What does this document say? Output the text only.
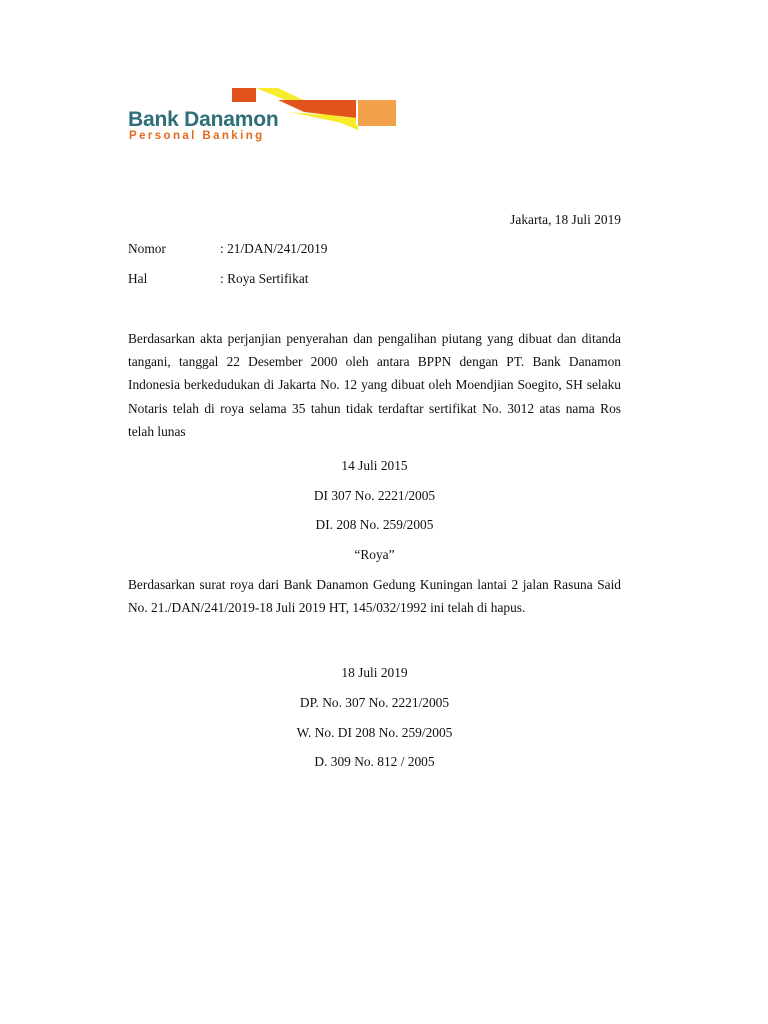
Bank Danamon
Personal Banking
Jakarta, 18 Juli 2019
Nomor	: 21/DAN/241/2019
Hal	: Roya Sertifikat
Berdasarkan akta perjanjian penyerahan dan pengalihan piutang yang dibuat dan ditanda tangani, tanggal 22 Desember 2000 oleh antara BPPN dengan PT. Bank Danamon Indonesia berkedudukan di Jakarta No. 12 yang dibuat oleh Moendjian Soegito, SH selaku Notaris telah di roya selama 35 tahun tidak terdaftar sertifikat No. 3012 atas nama Ros telah lunas
14 Juli 2015
DI 307 No. 2221/2005
DI. 208 No. 259/2005
“Roya”
Berdasarkan surat roya dari Bank Danamon Gedung Kuningan lantai 2 jalan Rasuna Said No. 21./DAN/241/2019-18 Juli 2019 HT, 145/032/1992 ini telah di hapus.
18 Juli 2019
DP. No. 307 No. 2221/2005
W. No. DI 208 No. 259/2005
D. 309 No. 812 / 2005
